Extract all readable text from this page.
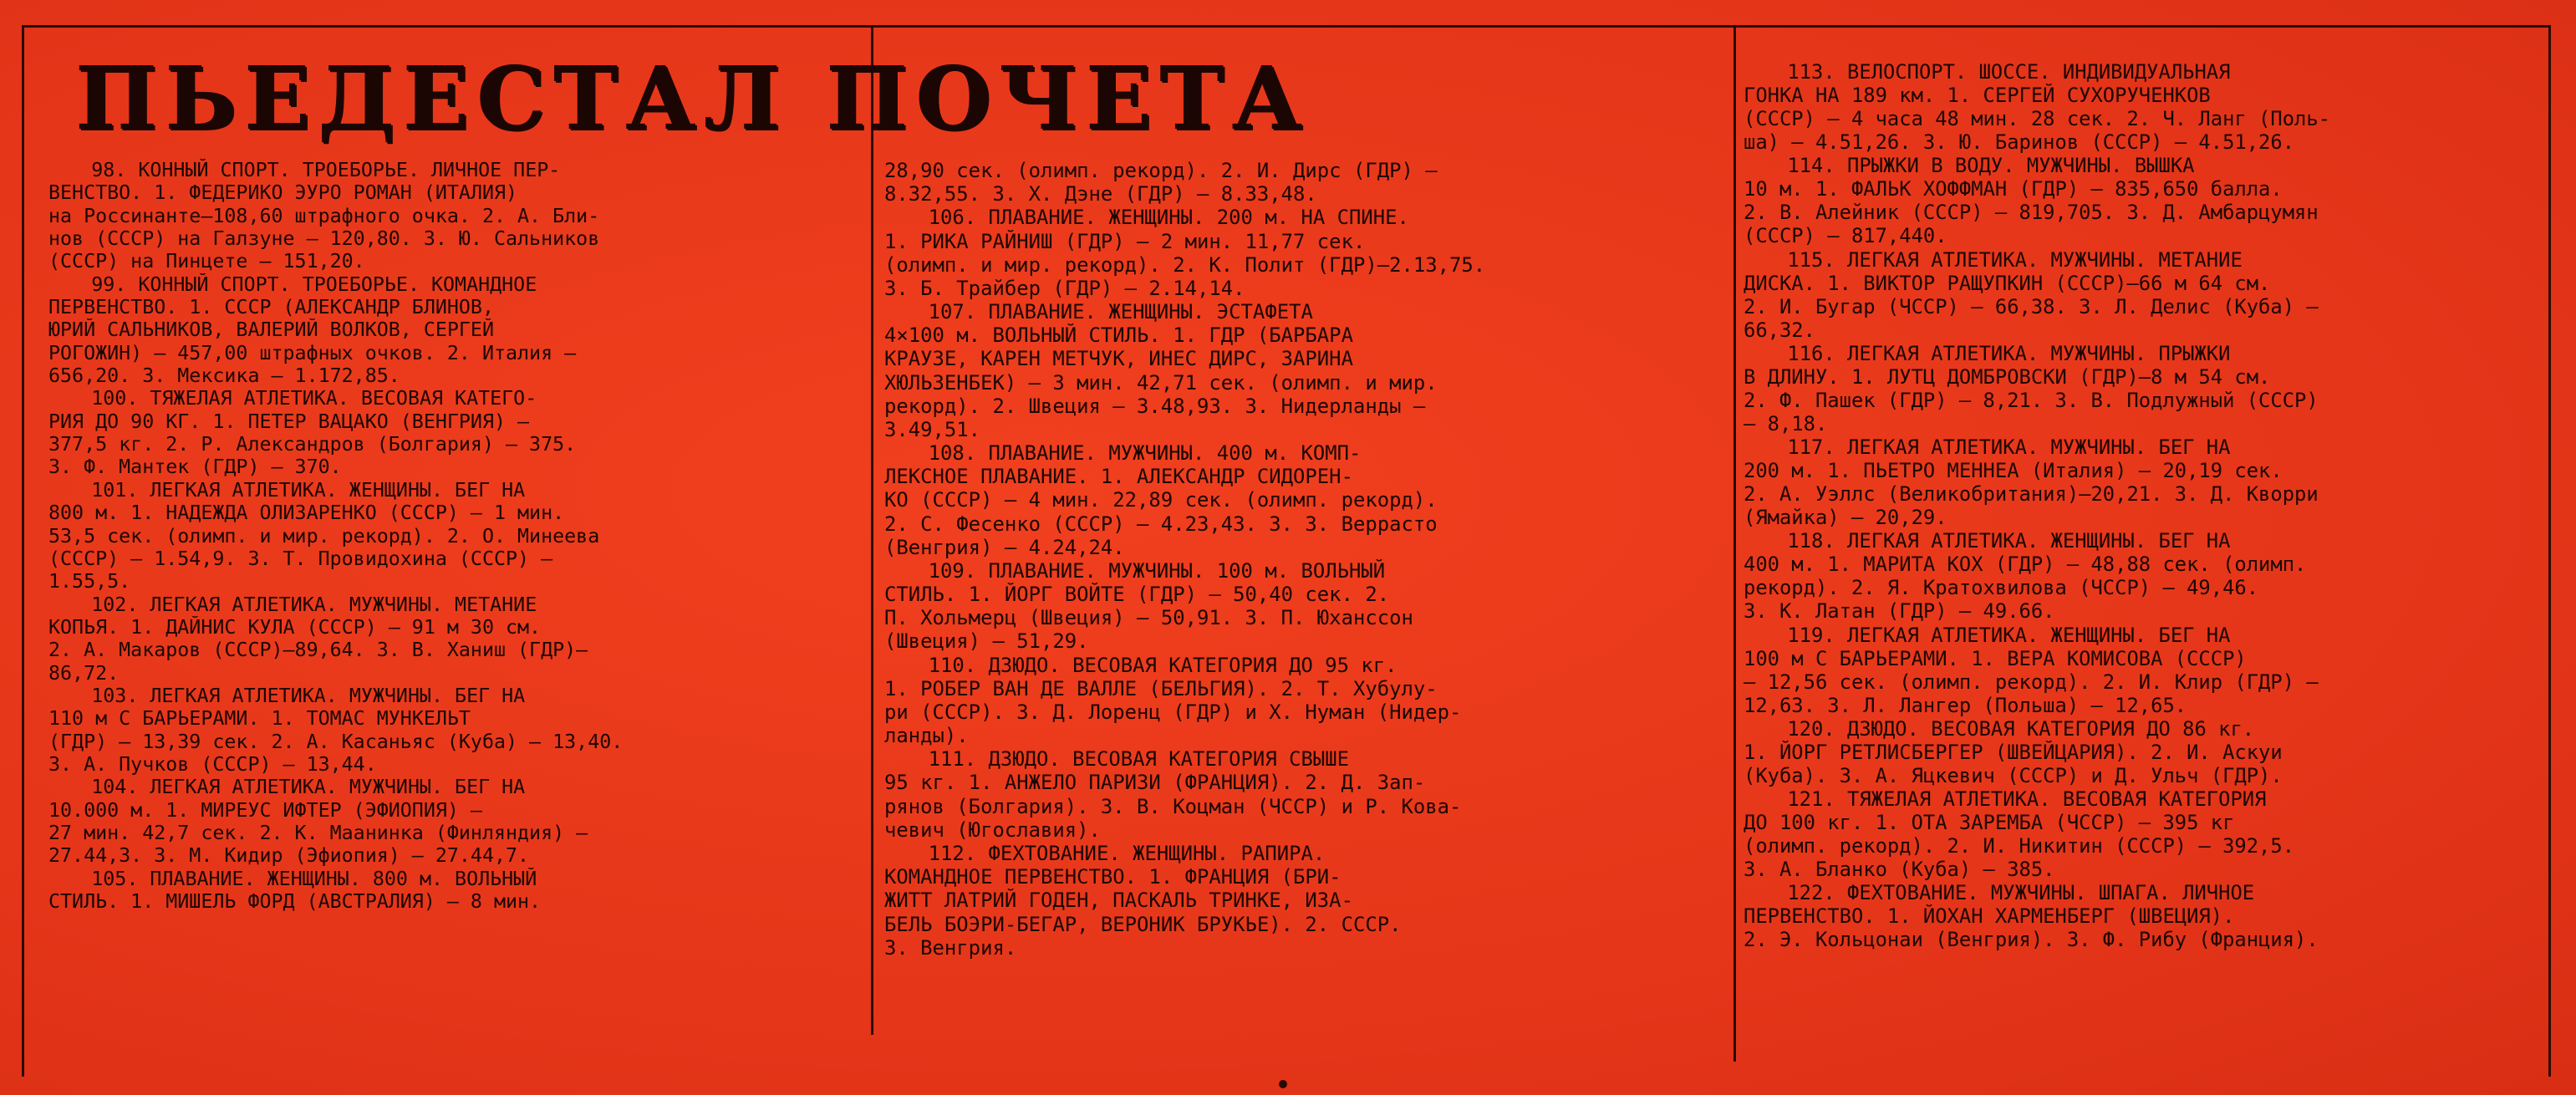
ПЬЕДЕСТАЛ ПОЧЕТА

98. КОННЫЙ СПОРТ. ТРОЕБОРЬЕ. ЛИЧНОЕ ПЕР-

ВЕНСТВО. 1. ФЕДЕРИКО ЭУРО РОМАН (ИТАЛИЯ)

на Россинанте—108,60 штрафного очка. 2. А. Бли-

нов (СССР) на Галзуне — 120,80. 3. Ю. Сальников

(СССР) на Пинцете — 151,20.

99. КОННЫЙ СПОРТ. ТРОЕБОРЬЕ. КОМАНДНОЕ

ПЕРВЕНСТВО. 1. СССР (АЛЕКСАНДР БЛИНОВ,

ЮРИЙ САЛЬНИКОВ, ВАЛЕРИЙ ВОЛКОВ, СЕРГЕЙ

РОГОЖИН) — 457,00 штрафных очков. 2. Италия —

656,20. 3. Мексика — 1.172,85.

100. ТЯЖЕЛАЯ АТЛЕТИКА. ВЕСОВАЯ КАТЕГО-

РИЯ ДО 90 КГ. 1. ПЕТЕР ВАЦАКО (ВЕНГРИЯ) —

377,5 кг. 2. Р. Александров (Болгария) — 375.

3. Ф. Мантек (ГДР) — 370.

101. ЛЕГКАЯ АТЛЕТИКА. ЖЕНЩИНЫ. БЕГ НА

800 м. 1. НАДЕЖДА ОЛИЗАРЕНКО (СССР) — 1 мин.

53,5 сек. (олимп. и мир. рекорд). 2. О. Минеева

(СССР) — 1.54,9. 3. Т. Провидохина (СССР) —

1.55,5.

102. ЛЕГКАЯ АТЛЕТИКА. МУЖЧИНЫ. МЕТАНИЕ

КОПЬЯ. 1. ДАЙНИС КУЛА (СССР) — 91 м 30 см.

2. А. Макаров (СССР)—89,64. 3. В. Ханиш (ГДР)—

86,72.

103. ЛЕГКАЯ АТЛЕТИКА. МУЖЧИНЫ. БЕГ НА

110 м С БАРЬЕРАМИ. 1. ТОМАС МУНКЕЛЬТ

(ГДР) — 13,39 сек. 2. А. Касаньяс (Куба) — 13,40.

3. А. Пучков (СССР) — 13,44.

104. ЛЕГКАЯ АТЛЕТИКА. МУЖЧИНЫ. БЕГ НА

10.000 м. 1. МИРЕУС ИФТЕР (ЭФИОПИЯ) —

27 мин. 42,7 сек. 2. К. Маанинка (Финляндия) —

27.44,3. 3. М. Кидир (Эфиопия) — 27.44,7.

105. ПЛАВАНИЕ. ЖЕНЩИНЫ. 800 м. ВОЛЬНЫЙ

СТИЛЬ. 1. МИШЕЛЬ ФОРД (АВСТРАЛИЯ) — 8 мин.

28,90 сек. (олимп. рекорд). 2. И. Дирс (ГДР) —

8.32,55. 3. Х. Дэне (ГДР) — 8.33,48.

106. ПЛАВАНИЕ. ЖЕНЩИНЫ. 200 м. НА СПИНЕ.

1. РИКА РАЙНИШ (ГДР) — 2 мин. 11,77 сек.

(олимп. и мир. рекорд). 2. К. Полит (ГДР)—2.13,75.

3. Б. Трайбер (ГДР) — 2.14,14.

107. ПЛАВАНИЕ. ЖЕНЩИНЫ. ЭСТАФЕТА

4×100 м. ВОЛЬНЫЙ СТИЛЬ. 1. ГДР (БАРБАРА

КРАУЗЕ, КАРЕН МЕТЧУК, ИНЕС ДИРС, ЗАРИНА

ХЮЛЬЗЕНБЕК) — 3 мин. 42,71 сек. (олимп. и мир.

рекорд). 2. Швеция — 3.48,93. 3. Нидерланды —

3.49,51.

108. ПЛАВАНИЕ. МУЖЧИНЫ. 400 м. КОМП-

ЛЕКСНОЕ ПЛАВАНИЕ. 1. АЛЕКСАНДР СИДОРЕН-

КО (СССР) — 4 мин. 22,89 сек. (олимп. рекорд).

2. С. Фесенко (СССР) — 4.23,43. 3. З. Веррасто

(Венгрия) — 4.24,24.

109. ПЛАВАНИЕ. МУЖЧИНЫ. 100 м. ВОЛЬНЫЙ

СТИЛЬ. 1. ЙОРГ ВОЙТЕ (ГДР) — 50,40 сек. 2.

П. Хольмерц (Швеция) — 50,91. 3. П. Юханссон

(Швеция) — 51,29.

110. ДЗЮДО. ВЕСОВАЯ КАТЕГОРИЯ ДО 95 кг.

1. РОБЕР ВАН ДЕ ВАЛЛЕ (БЕЛЬГИЯ). 2. Т. Хубулу-

ри (СССР). 3. Д. Лоренц (ГДР) и Х. Нуман (Нидер-

ланды).

111. ДЗЮДО. ВЕСОВАЯ КАТЕГОРИЯ СВЫШЕ

95 кг. 1. АНЖЕЛО ПАРИЗИ (ФРАНЦИЯ). 2. Д. Зап-

рянов (Болгария). 3. В. Коцман (ЧССР) и Р. Кова-

чевич (Югославия).

112. ФЕХТОВАНИЕ. ЖЕНЩИНЫ. РАПИРА.

КОМАНДНОЕ ПЕРВЕНСТВО. 1. ФРАНЦИЯ (БРИ-

ЖИТТ ЛАТРИЙ ГОДЕН, ПАСКАЛЬ ТРИНКЕ, ИЗА-

БЕЛЬ БОЭРИ-БЕГАР, ВЕРОНИК БРУКЬЕ). 2. СССР.

3. Венгрия.

113. ВЕЛОСПОРТ. ШОССЕ. ИНДИВИДУАЛЬНАЯ

ГОНКА НА 189 км. 1. СЕРГЕЙ СУХОРУЧЕНКОВ

(СССР) — 4 часа 48 мин. 28 сек. 2. Ч. Ланг (Поль-

ша) — 4.51,26. 3. Ю. Баринов (СССР) — 4.51,26.

114. ПРЫЖКИ В ВОДУ. МУЖЧИНЫ. ВЫШКА

10 м. 1. ФАЛЬК ХОФФМАН (ГДР) — 835,650 балла.

2. В. Алейник (СССР) — 819,705. 3. Д. Амбарцумян

(СССР) — 817,440.

115. ЛЕГКАЯ АТЛЕТИКА. МУЖЧИНЫ. МЕТАНИЕ

ДИСКА. 1. ВИКТОР РАЩУПКИН (СССР)—66 м 64 см.

2. И. Бугар (ЧССР) — 66,38. 3. Л. Делис (Куба) —

66,32.

116. ЛЕГКАЯ АТЛЕТИКА. МУЖЧИНЫ. ПРЫЖКИ

В ДЛИНУ. 1. ЛУТЦ ДОМБРОВСКИ (ГДР)—8 м 54 см.

2. Ф. Пашек (ГДР) — 8,21. 3. В. Подлужный (СССР)

— 8,18.

117. ЛЕГКАЯ АТЛЕТИКА. МУЖЧИНЫ. БЕГ НА

200 м. 1. ПЬЕТРО МЕННЕА (Италия) — 20,19 сек.

2. А. Уэллс (Великобритания)—20,21. 3. Д. Кворри

(Ямайка) — 20,29.

118. ЛЕГКАЯ АТЛЕТИКА. ЖЕНЩИНЫ. БЕГ НА

400 м. 1. МАРИТА КОХ (ГДР) — 48,88 сек. (олимп.

рекорд). 2. Я. Кратохвилова (ЧССР) — 49,46.

3. К. Латан (ГДР) — 49.66.

119. ЛЕГКАЯ АТЛЕТИКА. ЖЕНЩИНЫ. БЕГ НА

100 м С БАРЬЕРАМИ. 1. ВЕРА КОМИСОВА (СССР)

— 12,56 сек. (олимп. рекорд). 2. И. Клир (ГДР) —

12,63. 3. Л. Лангер (Польша) — 12,65.

120. ДЗЮДО. ВЕСОВАЯ КАТЕГОРИЯ ДО 86 кг.

1. ЙОРГ РЕТЛИСБЕРГЕР (ШВЕЙЦАРИЯ). 2. И. Аскуи

(Куба). 3. А. Яцкевич (СССР) и Д. Ульч (ГДР).

121. ТЯЖЕЛАЯ АТЛЕТИКА. ВЕСОВАЯ КАТЕГОРИЯ

ДО 100 кг. 1. ОТА ЗАРЕМБА (ЧССР) — 395 кг

(олимп. рекорд). 2. И. Никитин (СССР) — 392,5.

3. А. Бланко (Куба) — 385.

122. ФЕХТОВАНИЕ. МУЖЧИНЫ. ШПАГА. ЛИЧНОЕ

ПЕРВЕНСТВО. 1. ЙОХАН ХАРМЕНБЕРГ (ШВЕЦИЯ).

2. Э. Кольцонаи (Венгрия). 3. Ф. Рибу (Франция).
